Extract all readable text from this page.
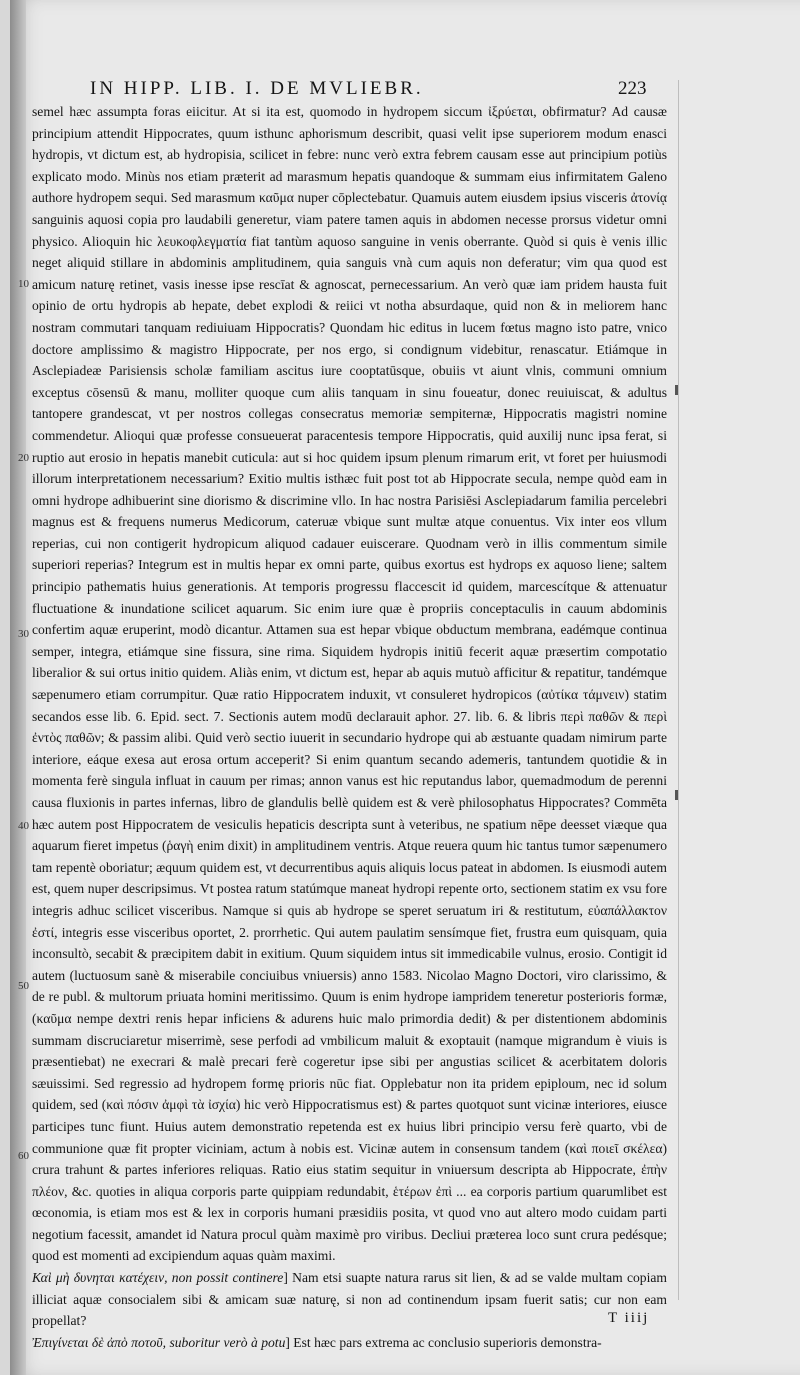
IN HIPP. LIB. I. DE MVLIEBR.	223
10
20
30
40
50
60

semel hæc assumpta foras eiicitur. At si ita est, quomodo in hydropem siccum ἰξρύεται, obfirmatur? Ad causæ principium attendit Hippocrates, quum isthunc aphorismum describit, quasi velit ipse superiorem modum enasci hydropis, vt dictum est, ab hydropisia, scilicet in febre: nunc verò extra febrem causam esse aut principium potiùs explicato modo. Minùs nos etiam præterit ad marasmum hepatis quandoque & summam eius infirmitatem Galeno authore hydropem sequi. Sed marasmum καῦμα nuper cōplectebatur. Quamuis autem eiusdem ipsius visceris ἀτονίᾳ sanguinis aquosi copia pro laudabili generetur, viam patere tamen aquis in abdomen necesse prorsus videtur omni physico. Alioquin hic λευκοφλεγματία fiat tantùm aquoso sanguine in venis oberrante. Quòd si quis è venis illic neget aliquid stillare in abdominis amplitudinem, quia sanguis vnà cum aquis non deferatur; vim qua quod est amicum naturę retinet, vasis inesse ipse rescīat & agnoscat, pernecessarium. An verò quæ iam pridem hausta fuit opinio de ortu hydropis ab hepate, debet explodi & reiici vt notha absurdaque, quid non & in meliorem hanc nostram commutari tanquam rediuiuam Hippocratis? Quondam hic editus in lucem fœtus magno isto patre, vnico doctore amplissimo & magistro Hippocrate, per nos ergo, si condignum videbitur, renascatur. Etiámque in Asclepiadeæ Parisiensis scholæ familiam ascitus iure cooptatūsque, obuiis vt aiunt vlnis, communi omnium exceptus cōsensū & manu, molliter quoque cum aliis tanquam in sinu foueatur, donec reuiuiscat, & adultus tantopere grandescat, vt per nostros collegas consecratus memoriæ sempiternæ, Hippocratis magistri nomine commendetur. Alioqui quæ professe consueuerat paracentesis tempore Hippocratis, quid auxilij nunc ipsa ferat, si ruptio aut erosio in hepatis manebit cuticula: aut si hoc quidem ipsum plenum rimarum erit, vt foret per huiusmodi illorum interpretationem necessarium? Exitio multis isthæc fuit post tot ab Hippocrate secula, nempe quòd eam in omni hydrope adhibuerint sine diorismo & discrimine vllo. In hac nostra Parisiēsi Asclepiadarum familia percelebri magnus est & frequens numerus Medicorum, cateruæ vbique sunt multæ atque conuentus. Vix inter eos vllum reperias, cui non contigerit hydropicum aliquod cadauer euiscerare. Quodnam verò in illis commentum simile superiori reperias? Integrum est in multis hepar ex omni parte, quibus exortus est hydrops ex aquoso liene; saltem principio pathematis huius generationis. At temporis progressu flaccescit id quidem, marcescítque & attenuatur fluctuatione & inundatione scilicet aquarum. Sic enim iure quæ è propriis conceptaculis in cauum abdominis confertim aquæ eruperint, modò dicantur. Attamen sua est hepar vbique obductum membrana, eadémque continua semper, integra, etiámque sine fissura, sine rima. Siquidem hydropis initiū fecerit aquæ præsertim compotatio liberalior & sui ortus initio quidem. Aliàs enim, vt dictum est, hepar ab aquis mutuò afficitur & repatitur, tandémque sæpenumero etiam corrumpitur. Quæ ratio Hippocratem induxit, vt consuleret hydropicos (αὐτίκα τάμνειν) statim secandos esse lib. 6. Epid. sect. 7. Sectionis autem modū declarauit aphor. 27. lib. 6. & libris περὶ παθῶν & περὶ ἐντὸς παθῶν; & passim alibi. Quid verò sectio iuuerit in secundario hydrope qui ab æstuante quadam nimirum parte interiore, eáque exesa aut erosa ortum acceperit? Si enim quantum secando ademeris, tantundem quotidie & in momenta ferè singula influat in cauum per rimas; annon vanus est hic reputandus labor, quemadmodum de perenni causa fluxionis in partes infernas, libro de glandulis bellè quidem est & verè philosophatus Hippocrates? Commēta hæc autem post Hippocratem de vesiculis hepaticis descripta sunt à veteribus, ne spatium nēpe deesset viæque qua aquarum fieret impetus (ῥαγὴ enim dixit) in amplitudinem ventris. Atque reuera quum hic tantus tumor sæpenumero tam repentè oboriatur; æquum quidem est, vt decurrentibus aquis aliquis locus pateat in abdomen. Is eiusmodi autem est, quem nuper descripsimus. Vt postea ratum statúmque maneat hydropi repente orto, sectionem statim ex vsu fore integris adhuc scilicet visceribus. Namque si quis ab hydrope se speret seruatum iri & restitutum, εὐαπάλλακτον ἐστί, integris esse visceribus oportet, 2. prorrhetic. Qui autem paulatim sensímque fiet, frustra eum quisquam, quia inconsultò, secabit & præcipitem dabit in exitium. Quum siquidem intus sit immedicabile vulnus, erosio. Contigit id autem (luctuosum sanè & miserabile conciuibus vniuersis) anno 1583. Nicolao Magno Doctori, viro clarissimo, & de re publ. & multorum priuata homini meritissimo. Quum is enim hydrope iampridem teneretur posterioris formæ, (καῦμα nempe dextri renis hepar inficiens & adurens huic malo primordia dedit) & per distentionem abdominis summam discruciaretur miserrimè, sese perfodi ad vmbilicum maluit & exoptauit (namque migrandum è viuis is præsentiebat) ne execrari & malè precari ferè cogeretur ipse sibi per angustias scilicet & acerbitatem doloris sæuissimi. Sed regressio ad hydropem formę prioris nūc fiat. Opplebatur non ita pridem epiploum, nec id solum quidem, sed (καὶ πόσιν ἀμφὶ τὰ ἰσχία) hic verò Hippocratismus est) & partes quotquot sunt vicinæ interiores, eiusce participes tunc fiunt. Huius autem demonstratio repetenda est ex huius libri principio versu ferè quarto, vbi de communione quæ fit propter viciniam, actum à nobis est. Vicinæ autem in consensum tandem (καὶ ποιεῖ σκέλεα) crura trahunt & partes inferiores reliquas. Ratio eius statim sequitur in vniuersum descripta ab Hippocrate, ἐπὴν πλέον, &c. quoties in aliqua corporis parte quippiam redundabit, ἑτέρων ἐπὶ ... ea corporis partium quarumlibet est œconomia, is etiam mos est & lex in corporis humani præsidiis posita, vt quod vno aut altero modo cuidam parti negotium facessit, amandet id Natura procul quàm maximè pro viribus. Decliui præterea loco sunt crura pedésque; quod est momenti ad excipiendum aquas quàm maximi.

Καὶ μὴ δυνηται κατέχειν, non possit continere] Nam etsi suapte natura rarus sit lien, & ad se valde multam copiam illiciat aquæ consocialem sibi & amicam suæ naturę, si non ad continendum ipsam fuerit satis; cur non eam propellat?

Ἐπιγίνεται δὲ ἀπὸ ποτοῦ, suboritur verò à potu] Est hæc pars extrema ac conclusio superioris demonstra-

T iiij
